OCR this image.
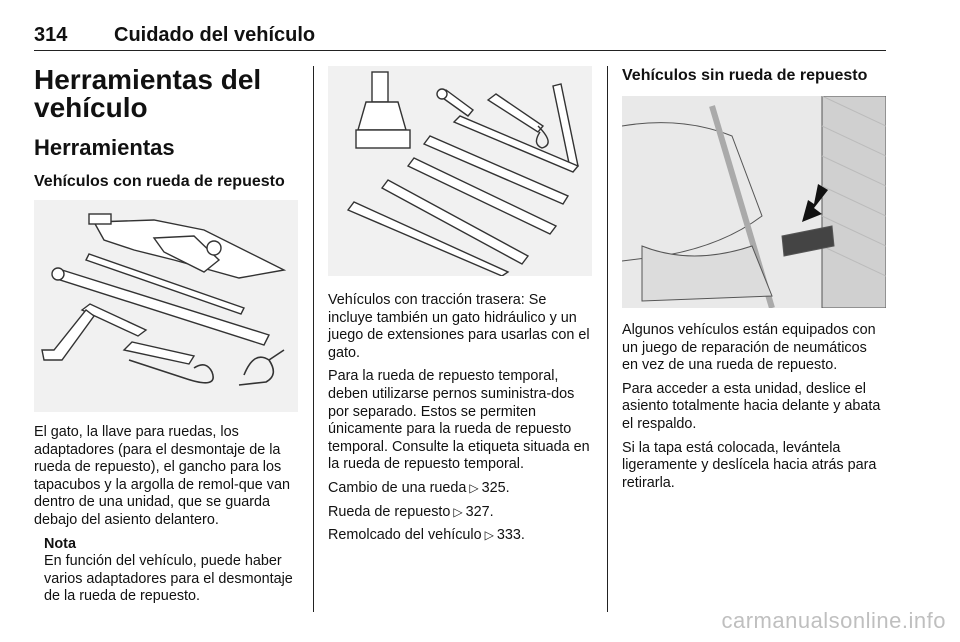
314 Cuidado del vehículo
Herramientas del vehículo
Herramientas
Vehículos con rueda de repuesto

El gato, la llave para ruedas, los adaptadores (para el desmontaje de la rueda de repuesto), el gancho para los tapacubos y la argolla de remol-que van dentro de una unidad, que se guarda debajo del asiento delantero.

Nota

En función del vehículo, puede haber varios adaptadores para el desmontaje de la rueda de repuesto.

Vehículos con tracción trasera: Se incluye también un gato hidráulico y un juego de extensiones para usarlas con el gato.

Para la rueda de repuesto temporal, deben utilizarse pernos suministra-dos por separado. Estos se permiten únicamente para la rueda de repuesto temporal. Consulte la etiqueta situada en la rueda de repuesto temporal.

Cambio de una rueda ▷ 325.

Rueda de repuesto ▷ 327.

Remolcado del vehículo ▷ 333.

Vehículos sin rueda de repuesto

Algunos vehículos están equipados con un juego de reparación de neumáticos en vez de una rueda de repuesto.

Para acceder a esta unidad, deslice el asiento totalmente hacia delante y abata el respaldo.

Si la tapa está colocada, levántela ligeramente y deslícela hacia atrás para retirarla.

carmanualsonline.info
